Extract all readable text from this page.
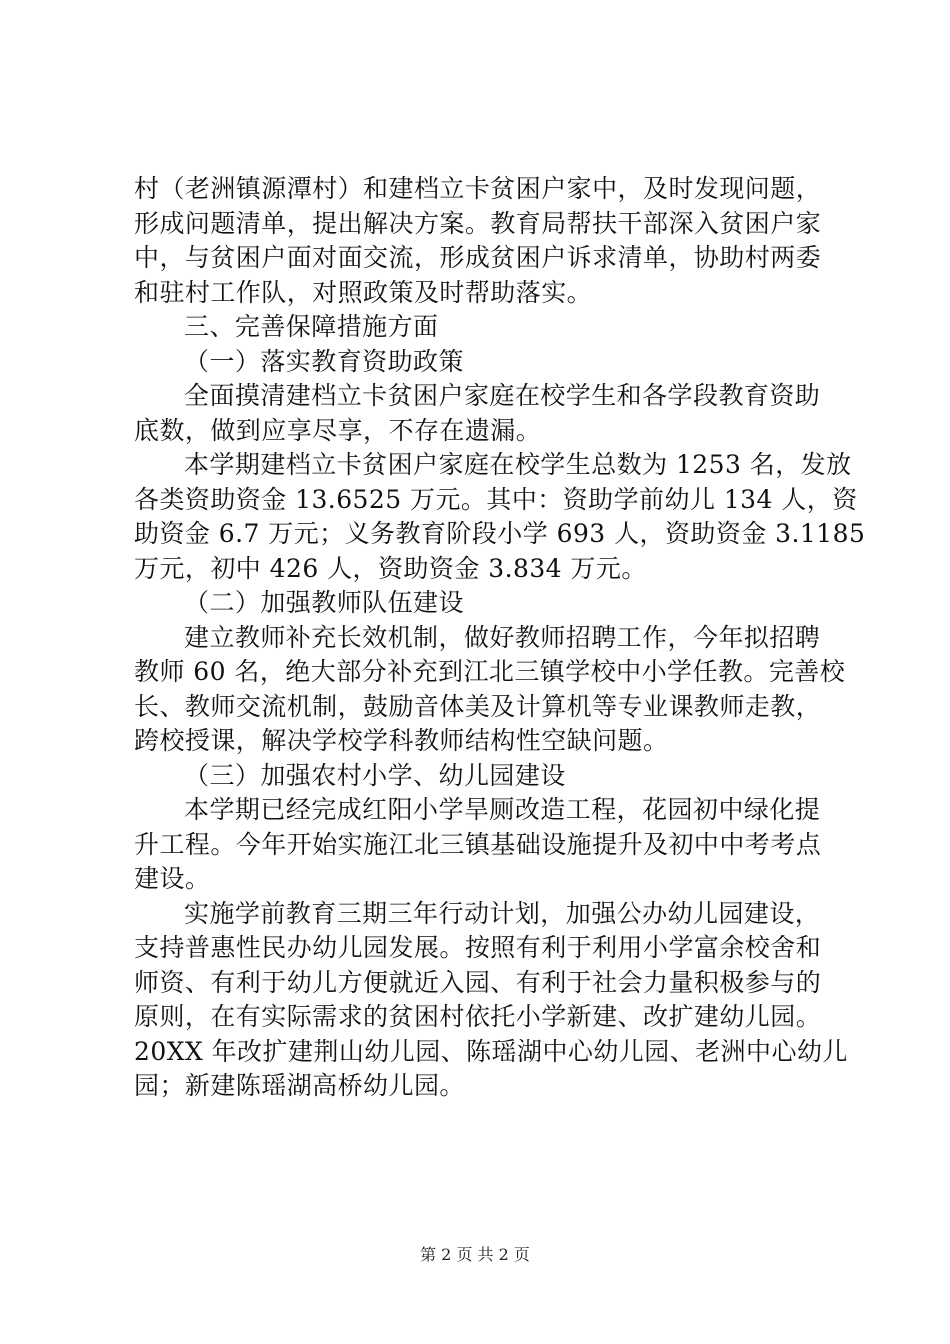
村（老洲镇源潭村）和建档立卡贫困户家中，及时发现问题，
形成问题清单，提出解决方案。教育局帮扶干部深入贫困户家
中，与贫困户面对面交流，形成贫困户诉求清单，协助村两委
和驻村工作队，对照政策及时帮助落实。
三、完善保障措施方面
（一）落实教育资助政策
全面摸清建档立卡贫困户家庭在校学生和各学段教育资助
底数，做到应享尽享，不存在遗漏。
本学期建档立卡贫困户家庭在校学生总数为 1253 名，发放
各类资助资金 13.6525 万元。其中：资助学前幼儿 134 人，资
助资金 6.7 万元；义务教育阶段小学 693 人，资助资金 3.1185
万元，初中 426 人，资助资金 3.834 万元。
（二）加强教师队伍建设
建立教师补充长效机制，做好教师招聘工作，今年拟招聘
教师 60 名，绝大部分补充到江北三镇学校中小学任教。完善校
长、教师交流机制，鼓励音体美及计算机等专业课教师走教，
跨校授课，解决学校学科教师结构性空缺问题。
（三）加强农村小学、幼儿园建设
本学期已经完成红阳小学旱厕改造工程，花园初中绿化提
升工程。今年开始实施江北三镇基础设施提升及初中中考考点
建设。
实施学前教育三期三年行动计划，加强公办幼儿园建设，
支持普惠性民办幼儿园发展。按照有利于利用小学富余校舍和
师资、有利于幼儿方便就近入园、有利于社会力量积极参与的
原则，在有实际需求的贫困村依托小学新建、改扩建幼儿园。
20XX 年改扩建荆山幼儿园、陈瑶湖中心幼儿园、老洲中心幼儿
园；新建陈瑶湖高桥幼儿园。
第 2 页 共 2 页
